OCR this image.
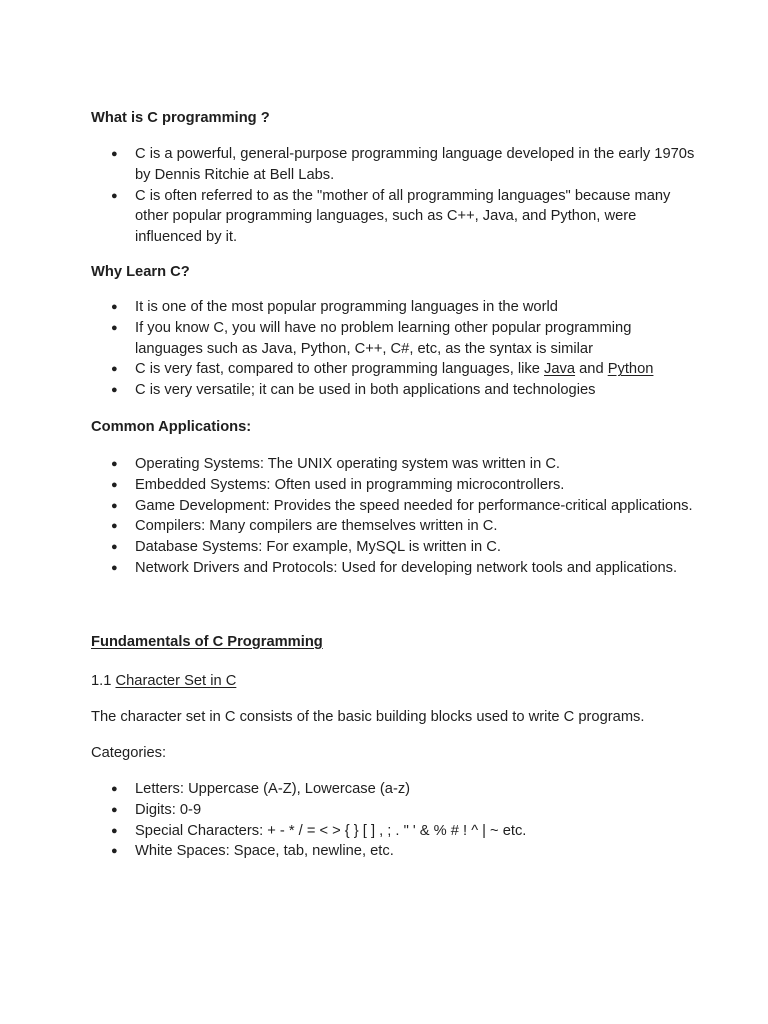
What is C programming ?
● C is a powerful, general-purpose programming language developed in the early 1970s by Dennis Ritchie at Bell Labs.
● C is often referred to as the "mother of all programming languages" because many other popular programming languages, such as C++, Java, and Python, were influenced by it.
Why Learn C?
● It is one of the most popular programming languages in the world
● If you know C, you will have no problem learning other popular programming languages such as Java, Python, C++, C#, etc, as the syntax is similar
● C is very fast, compared to other programming languages, like Java and Python
● C is very versatile; it can be used in both applications and technologies
Common Applications:
● Operating Systems: The UNIX operating system was written in C.
● Embedded Systems: Often used in programming microcontrollers.
● Game Development: Provides the speed needed for performance-critical applications.
● Compilers: Many compilers are themselves written in C.
● Database Systems: For example, MySQL is written in C.
● Network Drivers and Protocols: Used for developing network tools and applications.
Fundamentals of C Programming
1.1 Character Set in C
The character set in C consists of the basic building blocks used to write C programs.
Categories:
● Letters: Uppercase (A-Z), Lowercase (a-z)
● Digits: 0-9
● Special Characters: + - * / = < > { } [ ] , ; . " ' & % # ! ^ | ~ etc.
● White Spaces: Space, tab, newline, etc.
